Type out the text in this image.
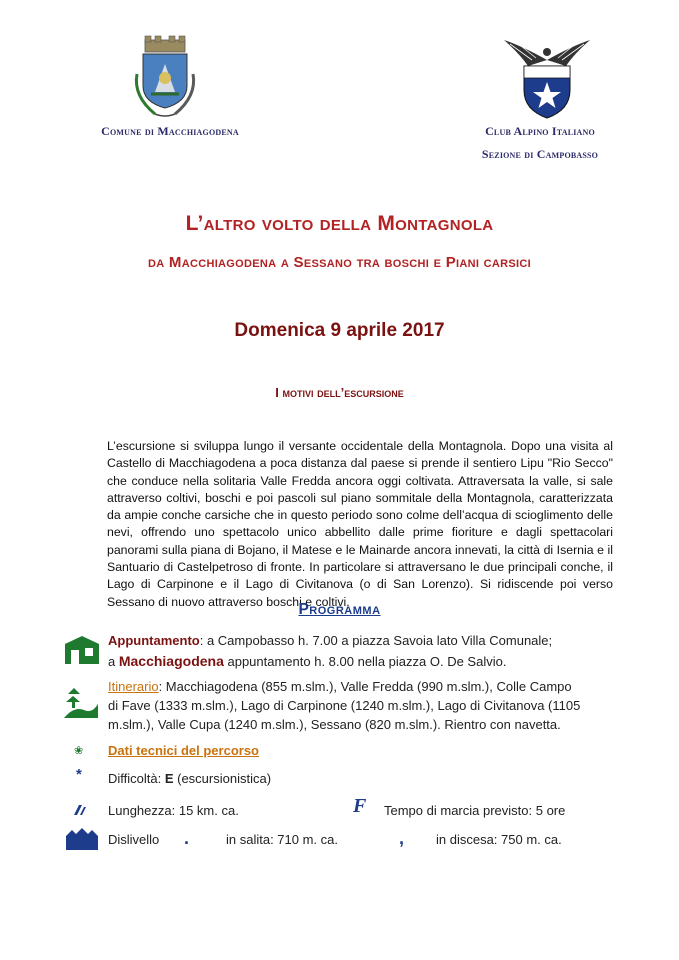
Comune di Macchiagodena	Club Alpino Italiano
Sezione di Campobasso
L’altro volto della Montagnola
da Macchiagodena a Sessano tra boschi e Piani carsici
Domenica 9 aprile 2017
I motivi dell’escursione
L’escursione si sviluppa lungo il versante occidentale della Montagnola. Dopo una visita al Castello di Macchiagodena a poca distanza dal paese si prende il sentiero Lipu "Rio Secco" che conduce nella solitaria Valle Fredda ancora oggi coltivata. Attraversata la valle, si sale attraverso coltivi, boschi e poi pascoli sul piano sommitale della Montagnola, caratterizzata da ampie conche carsiche che in questo periodo sono colme dell’acqua di scioglimento delle nevi, offrendo uno spettacolo unico abbellito dalle prime fioriture e dagli spettacolari panorami sulla piana di Bojano, il Matese e le Mainarde ancora innevati, la città di Isernia e il Santuario di Castelpetroso di fronte. In particolare si attraversano le due principali conche, il Lago di Carpinone e il Lago di Civitanova (o di San Lorenzo). Si ridiscende poi verso Sessano di nuovo attraverso boschi e coltivi.
Programma
Appuntamento: a Campobasso h. 7.00 a piazza Savoia lato Villa Comunale;
a Macchiagodena appuntamento h. 8.00 nella piazza O. De Salvio.
Itinerario: Macchiagodena (855 m.slm.), Valle Fredda (990 m.slm.), Colle Campo
di Fave (1333 m.slm.), Lago di Carpinone (1240 m.slm.), Lago di Civitanova (1105
m.slm.), Valle Cupa (1240 m.slm.), Sessano (820 m.slm.). Rientro con navetta.
❀ Dati tecnici del percorso
* Difficoltà: E (escursionistica)
Lunghezza: 15 km. ca.	F Tempo di marcia previsto: 5 ore
Dislivello .	in salita: 710 m. ca.	, in discesa: 750 m. ca.
